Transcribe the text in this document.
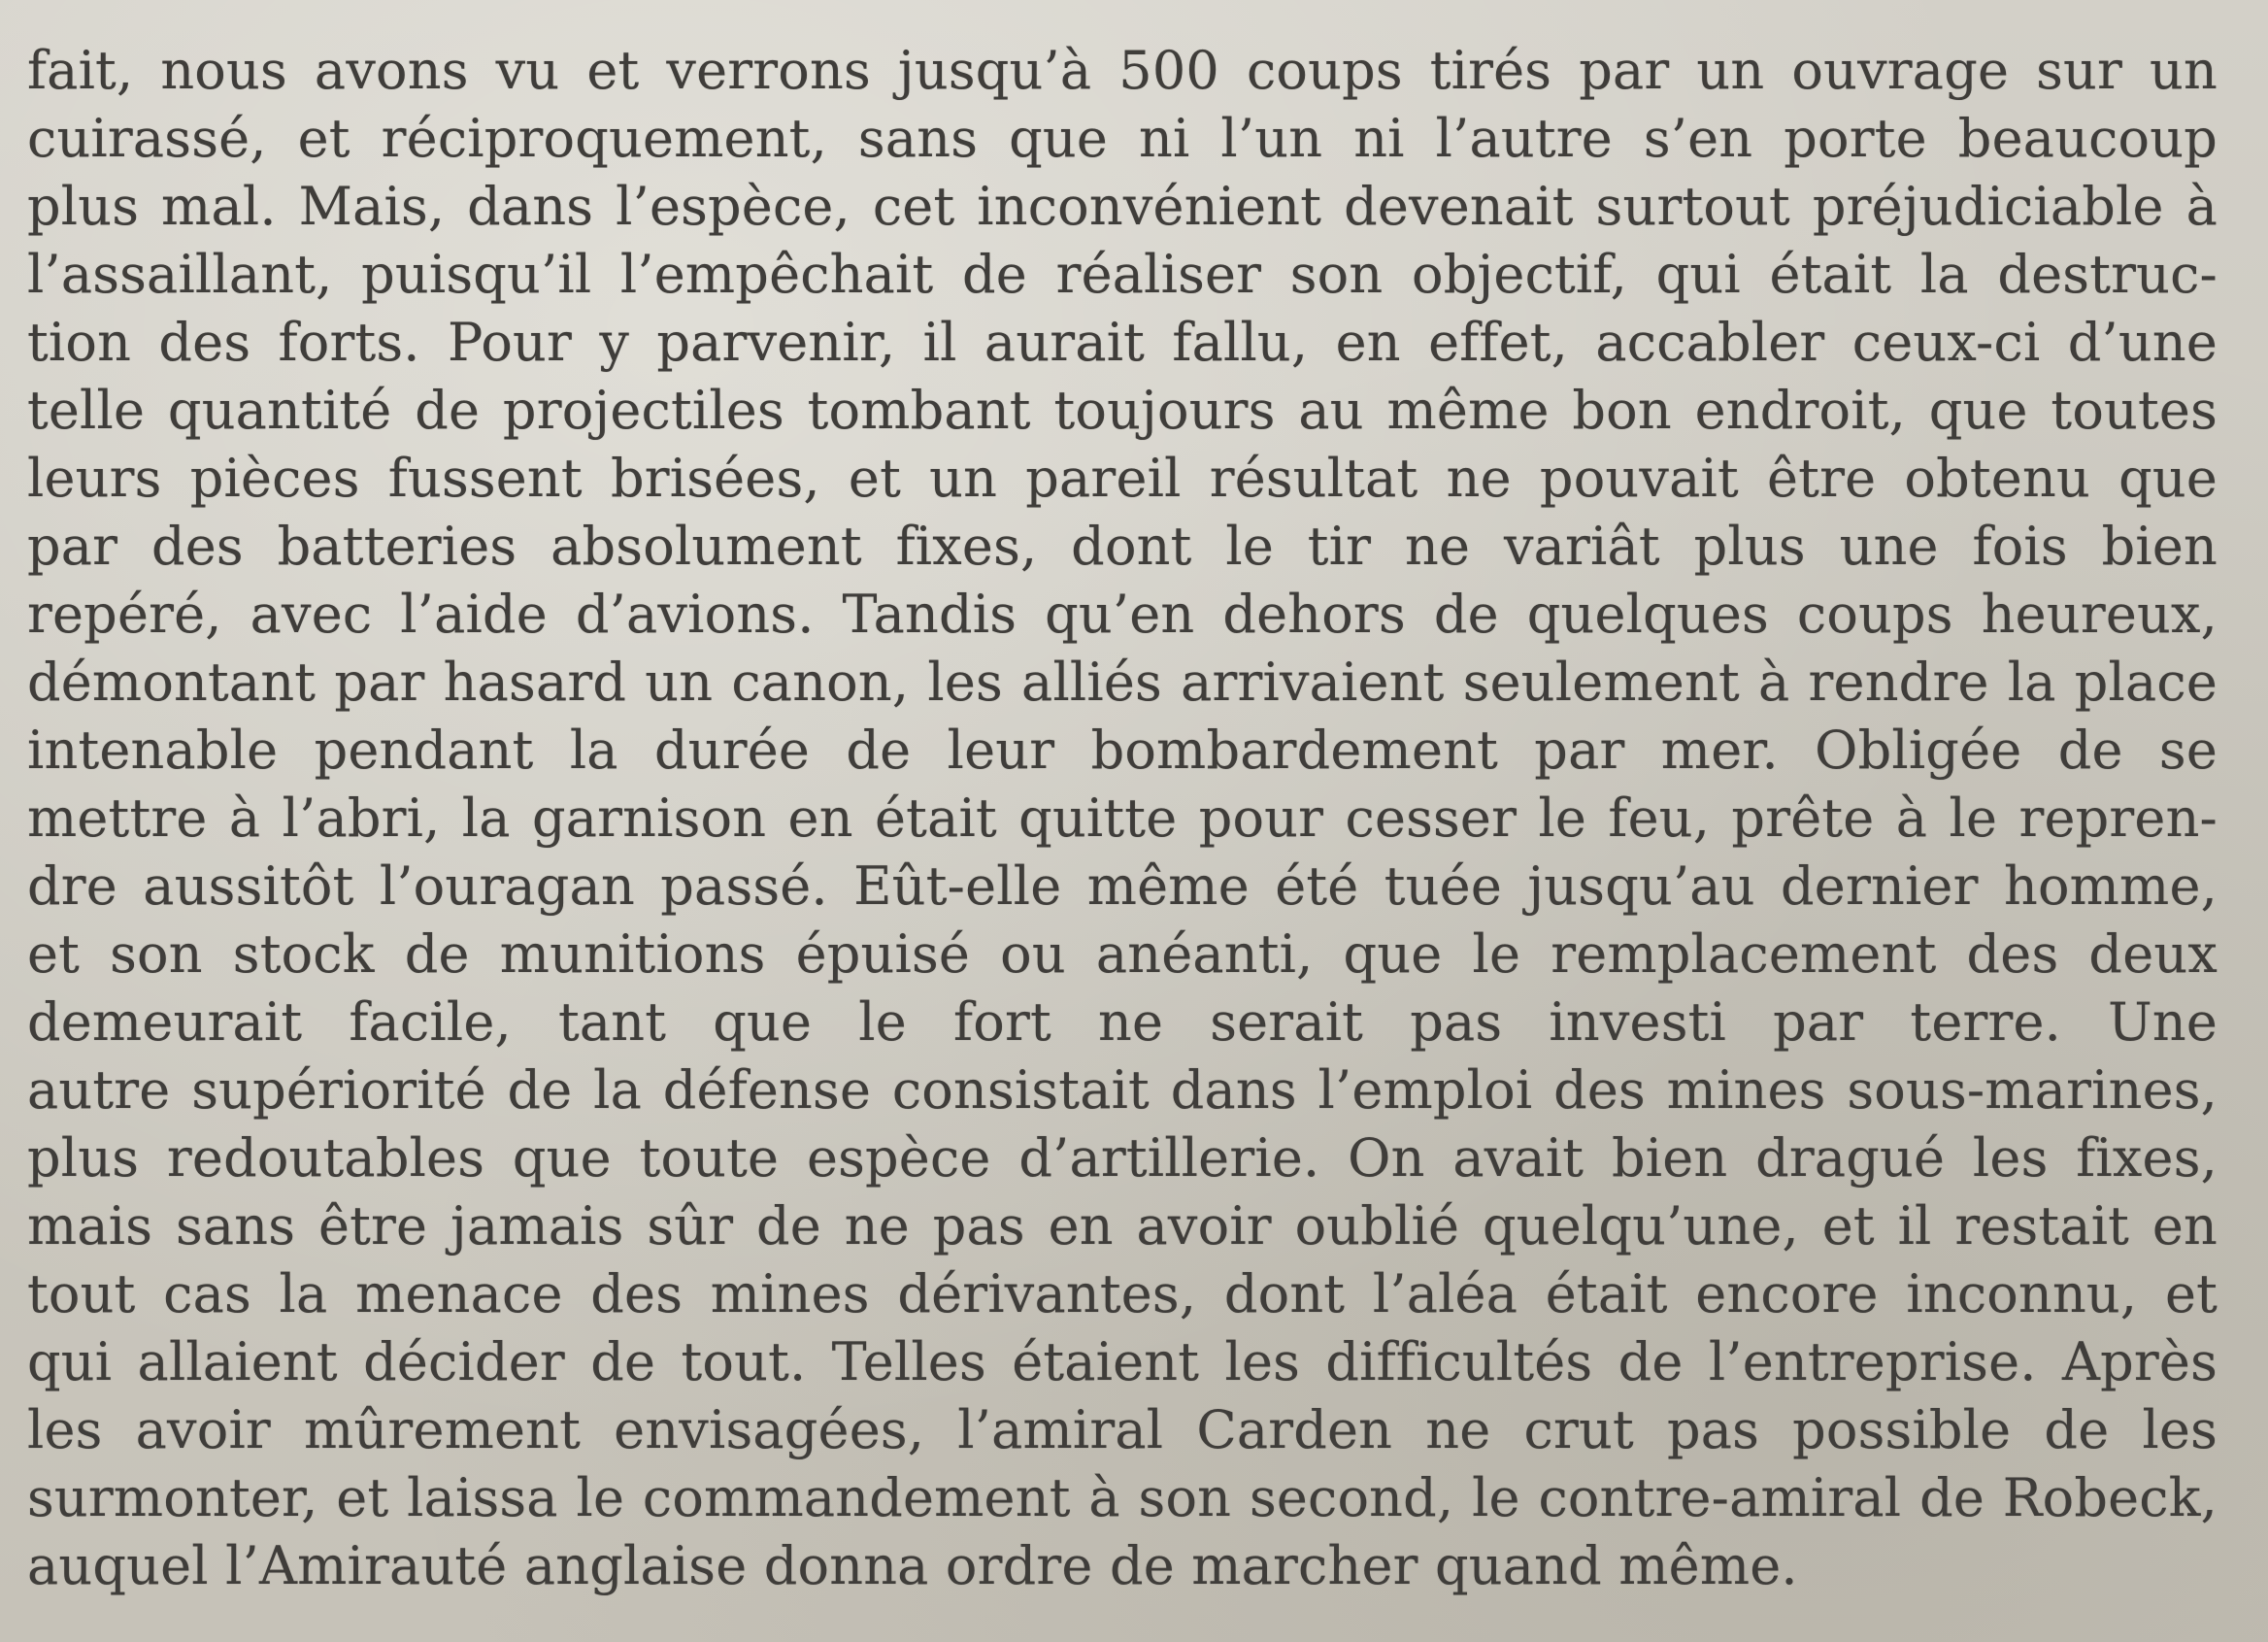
fait, nous avons vu et verrons jusqu’à 500 coups tirés par un ouvrage sur un
cuirassé, et réciproquement, sans que ni l’un ni l’autre s’en porte beaucoup
plus mal. Mais, dans l’espèce, cet inconvénient devenait surtout préjudiciable à
l’assaillant, puisqu’il l’empêchait de réaliser son objectif, qui était la destruc-
tion des forts. Pour y parvenir, il aurait fallu, en effet, accabler ceux-ci d’une
telle quantité de projectiles tombant toujours au même bon endroit, que toutes
leurs pièces fussent brisées, et un pareil résultat ne pouvait être obtenu que
par des batteries absolument fixes, dont le tir ne variât plus une fois bien
repéré, avec l’aide d’avions. Tandis qu’en dehors de quelques coups heureux,
démontant par hasard un canon, les alliés arrivaient seulement à rendre la place
intenable pendant la durée de leur bombardement par mer. Obligée de se
mettre à l’abri, la garnison en était quitte pour cesser le feu, prête à le repren-
dre aussitôt l’ouragan passé. Eût-elle même été tuée jusqu’au dernier homme,
et son stock de munitions épuisé ou anéanti, que le remplacement des deux
demeurait facile, tant que le fort ne serait pas investi par terre. Une
autre supériorité de la défense consistait dans l’emploi des mines sous-marines,
plus redoutables que toute espèce d’artillerie. On avait bien dragué les fixes,
mais sans être jamais sûr de ne pas en avoir oublié quelqu’une, et il restait en
tout cas la menace des mines dérivantes, dont l’aléa était encore inconnu, et
qui allaient décider de tout. Telles étaient les difficultés de l’entreprise. Après
les avoir mûrement envisagées, l’amiral Carden ne crut pas possible de les
surmonter, et laissa le commandement à son second, le contre-amiral de Robeck,
auquel l’Amirauté anglaise donna ordre de marcher quand même.
